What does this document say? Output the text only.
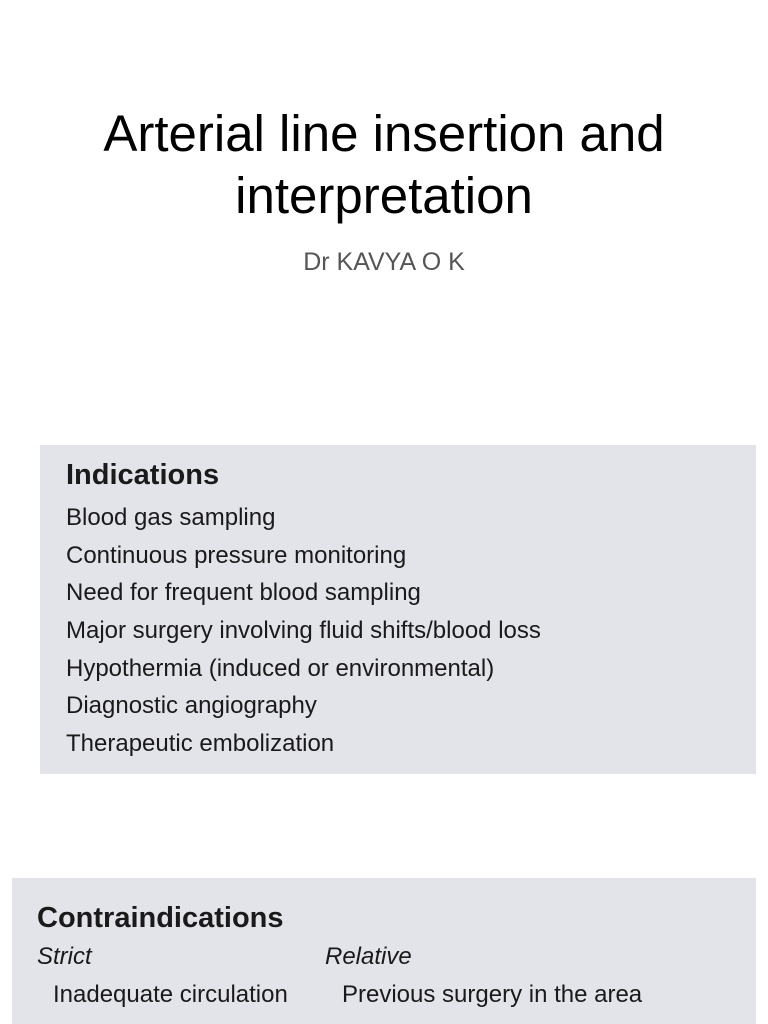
Arterial line insertion and
interpretation
Dr KAVYA O K
Indications
Blood gas sampling
Continuous pressure monitoring
Need for frequent blood sampling
Major surgery involving fluid shifts/blood loss
Hypothermia (induced or environmental)
Diagnostic angiography
Therapeutic embolization
Contraindications
Strict	Relative
Inadequate circulation Previous surgery in the area
